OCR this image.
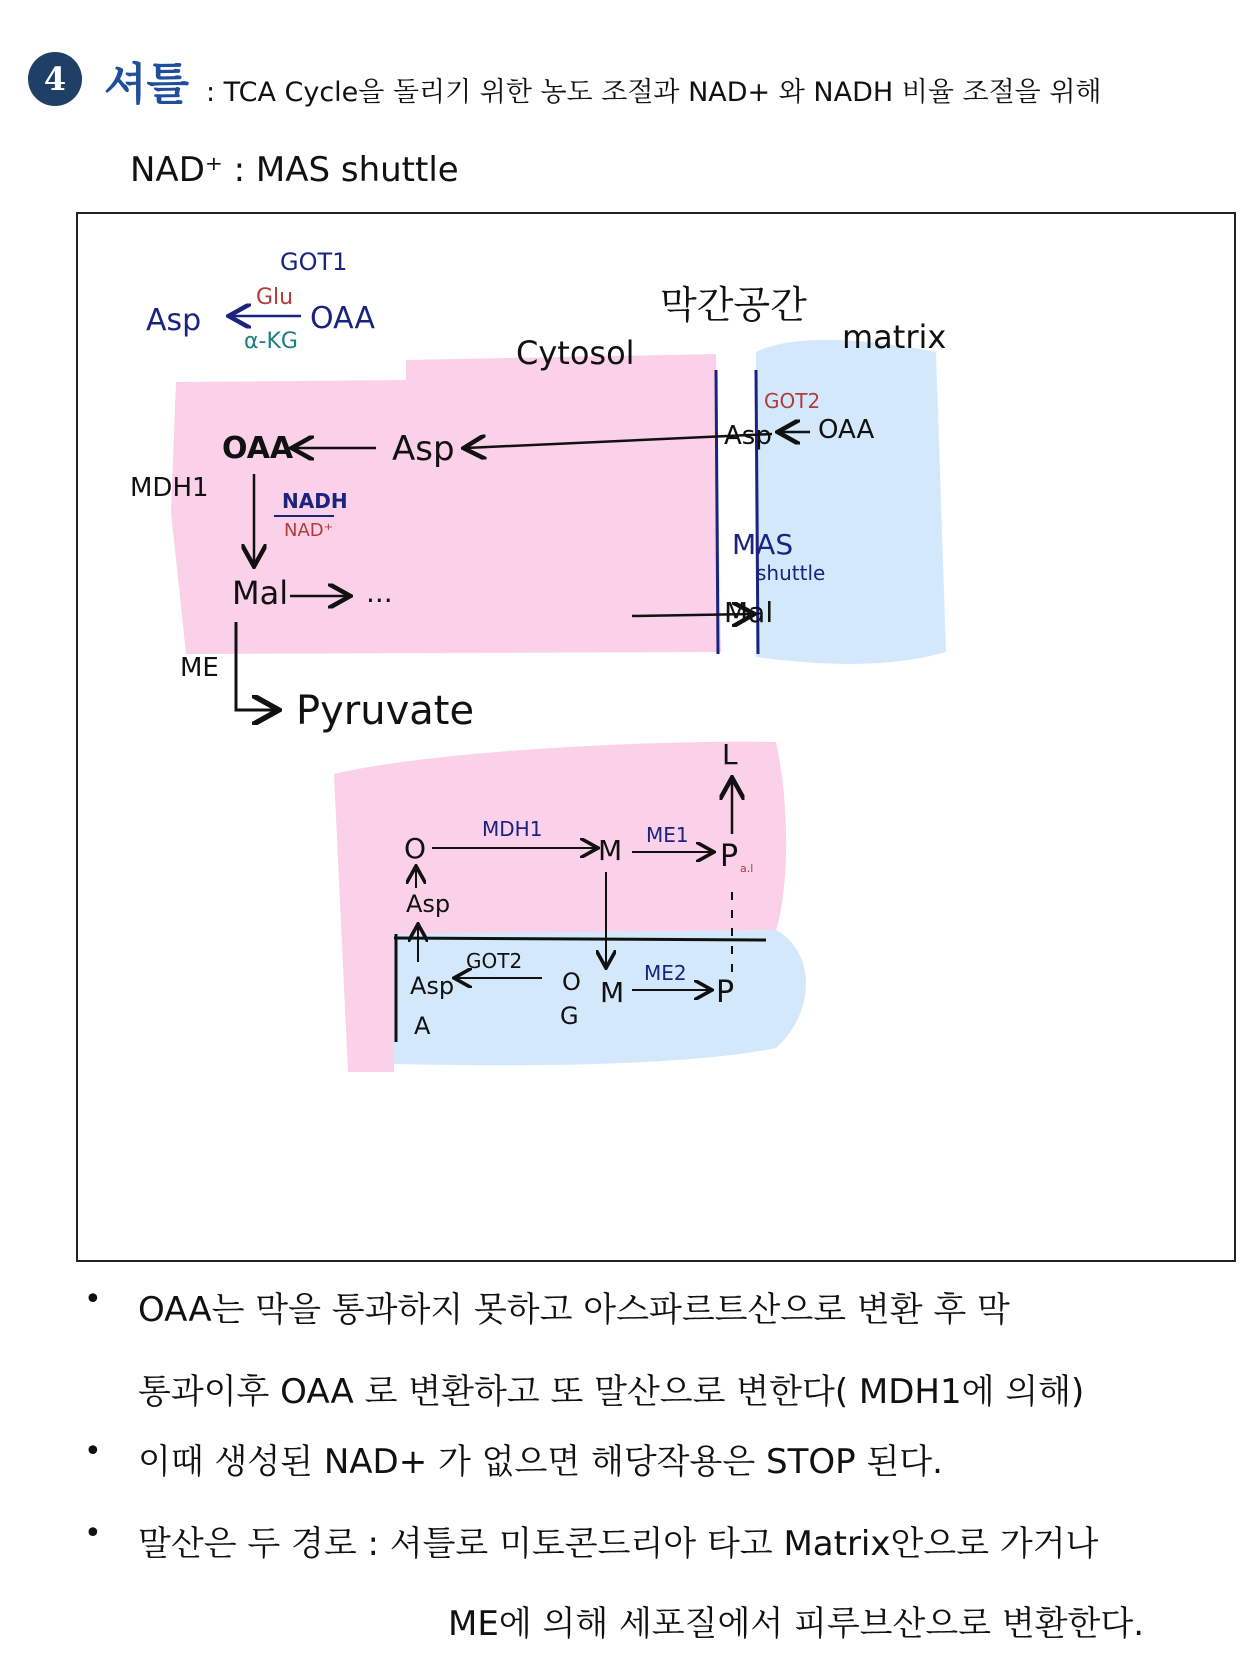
4 셔틀 : TCA Cycle을 돌리기 위한 농도 조절과 NAD+ 와 NADH 비율 조절을 위해
NAD⁺ : MAS shuttle
막간공간
Cytosol	matrix
GOT1
Asp
Glu
α-KG
OAA
OAA	Asp
MDH1	NADH
NAD⁺
Mal	...
ME
Pyruvate
GOT2
Asp OAA
MAS
shuttle
Mal
O
MDH1
M ME1
P a.l
L
Asp
Asp
GOT2
O
G
M
ME2
P
A
• OAA는 막을 통과하지 못하고 아스파르트산으로 변환 후 막
통과이후 OAA 로 변환하고 또 말산으로 변한다( MDH1에 의해)
• 이때 생성된 NAD+ 가 없으면 해당작용은 STOP 된다.
• 말산은 두 경로 : 셔틀로 미토콘드리아 타고 Matrix안으로 가거나
ME에 의해 세포질에서 피루브산으로 변환한다.
